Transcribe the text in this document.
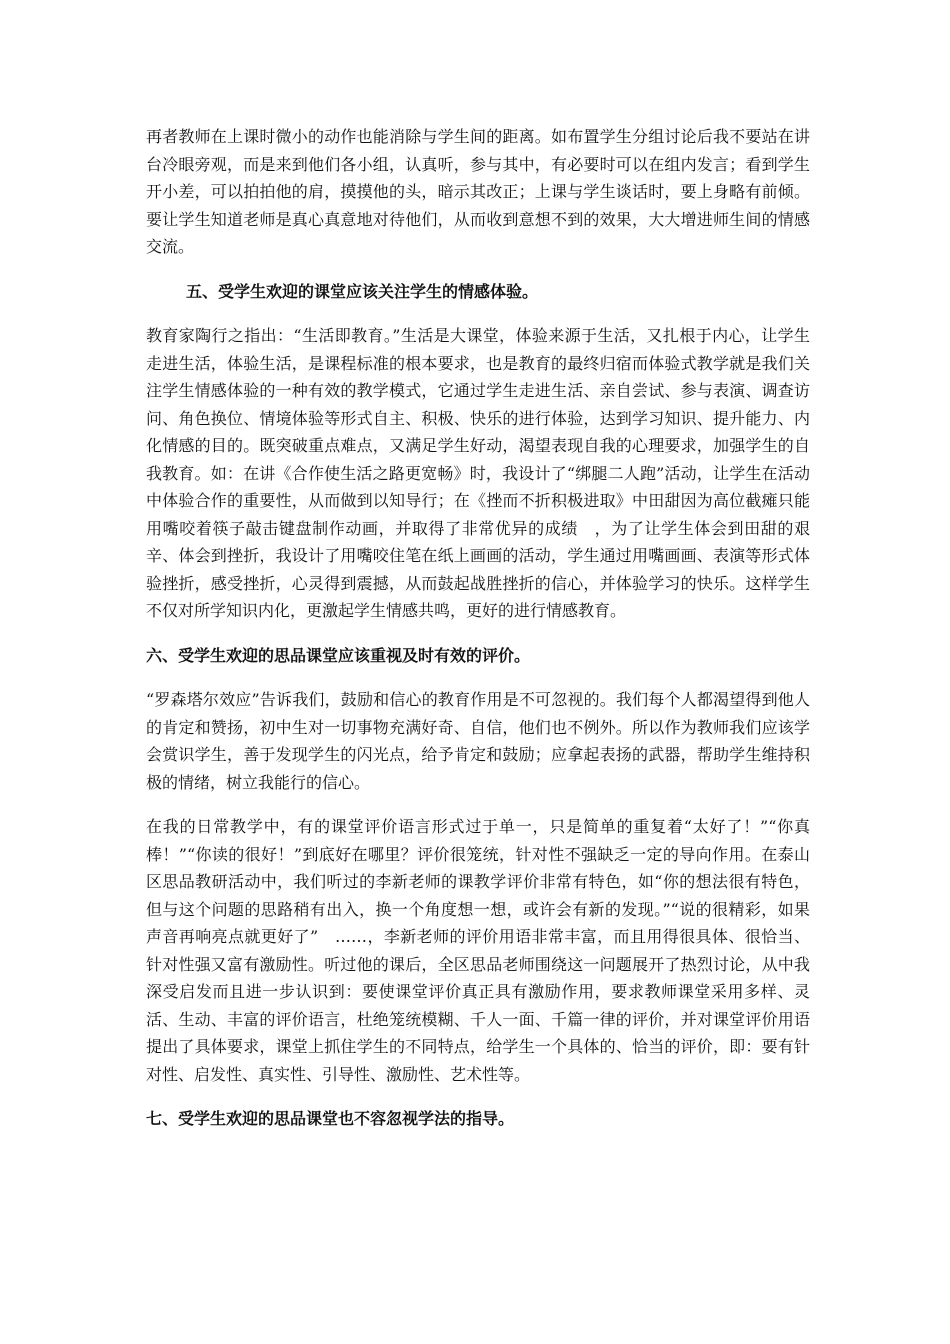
再者教师在上课时微小的动作也能消除与学生间的距离。如布置学生分组讨论后我不要站在讲台冷眼旁观，而是来到他们各小组，认真听，参与其中，有必要时可以在组内发言；看到学生开小差，可以拍拍他的肩，摸摸他的头，暗示其改正；上课与学生谈话时，要上身略有前倾。要让学生知道老师是真心真意地对待他们，从而收到意想不到的效果，大大增进师生间的情感交流。

五、受学生欢迎的课堂应该关注学生的情感体验。

教育家陶行之指出：“生活即教育。”生活是大课堂，体验来源于生活，又扎根于内心，让学生走进生活，体验生活，是课程标准的根本要求，也是教育的最终归宿而体验式教学就是我们关注学生情感体验的一种有效的教学模式，它通过学生走进生活、亲自尝试、参与表演、调查访问、角色换位、情境体验等形式自主、积极、快乐的进行体验，达到学习知识、提升能力、内化情感的目的。既突破重点难点，又满足学生好动，渴望表现自我的心理要求，加强学生的自我教育。如：在讲《合作使生活之路更宽畅》时，我设计了“绑腿二人跑”活动，让学生在活动中体验合作的重要性，从而做到以知导行；在《挫而不折积极进取》中田甜因为高位截瘫只能用嘴咬着筷子敲击键盘制作动画，并取得了非常优异的成绩　，为了让学生体会到田甜的艰辛、体会到挫折，我设计了用嘴咬住笔在纸上画画的活动，学生通过用嘴画画、表演等形式体验挫折，感受挫折，心灵得到震撼，从而鼓起战胜挫折的信心，并体验学习的快乐。这样学生不仅对所学知识内化，更激起学生情感共鸣，更好的进行情感教育。

六、受学生欢迎的思品课堂应该重视及时有效的评价。

“罗森塔尔效应”告诉我们，鼓励和信心的教育作用是不可忽视的。我们每个人都渴望得到他人的肯定和赞扬，初中生对一切事物充满好奇、自信，他们也不例外。所以作为教师我们应该学会赏识学生，善于发现学生的闪光点，给予肯定和鼓励；应拿起表扬的武器，帮助学生维持积极的情绪，树立我能行的信心。

在我的日常教学中，有的课堂评价语言形式过于单一，只是简单的重复着“太好了！”“你真棒！”“你读的很好！”到底好在哪里？评价很笼统，针对性不强缺乏一定的导向作用。在泰山区思品教研活动中，我们听过的李新老师的课教学评价非常有特色，如“你的想法很有特色，但与这个问题的思路稍有出入，换一个角度想一想，或许会有新的发现。”“说的很精彩，如果声音再响亮点就更好了”　……，李新老师的评价用语非常丰富，而且用得很具体、很恰当、针对性强又富有激励性。听过他的课后，全区思品老师围绕这一问题展开了热烈讨论，从中我深受启发而且进一步认识到：要使课堂评价真正具有激励作用，要求教师课堂采用多样、灵活、生动、丰富的评价语言，杜绝笼统模糊、千人一面、千篇一律的评价，并对课堂评价用语提出了具体要求，课堂上抓住学生的不同特点，给学生一个具体的、恰当的评价，即：要有针对性、启发性、真实性、引导性、激励性、艺术性等。

七、受学生欢迎的思品课堂也不容忽视学法的指导。
